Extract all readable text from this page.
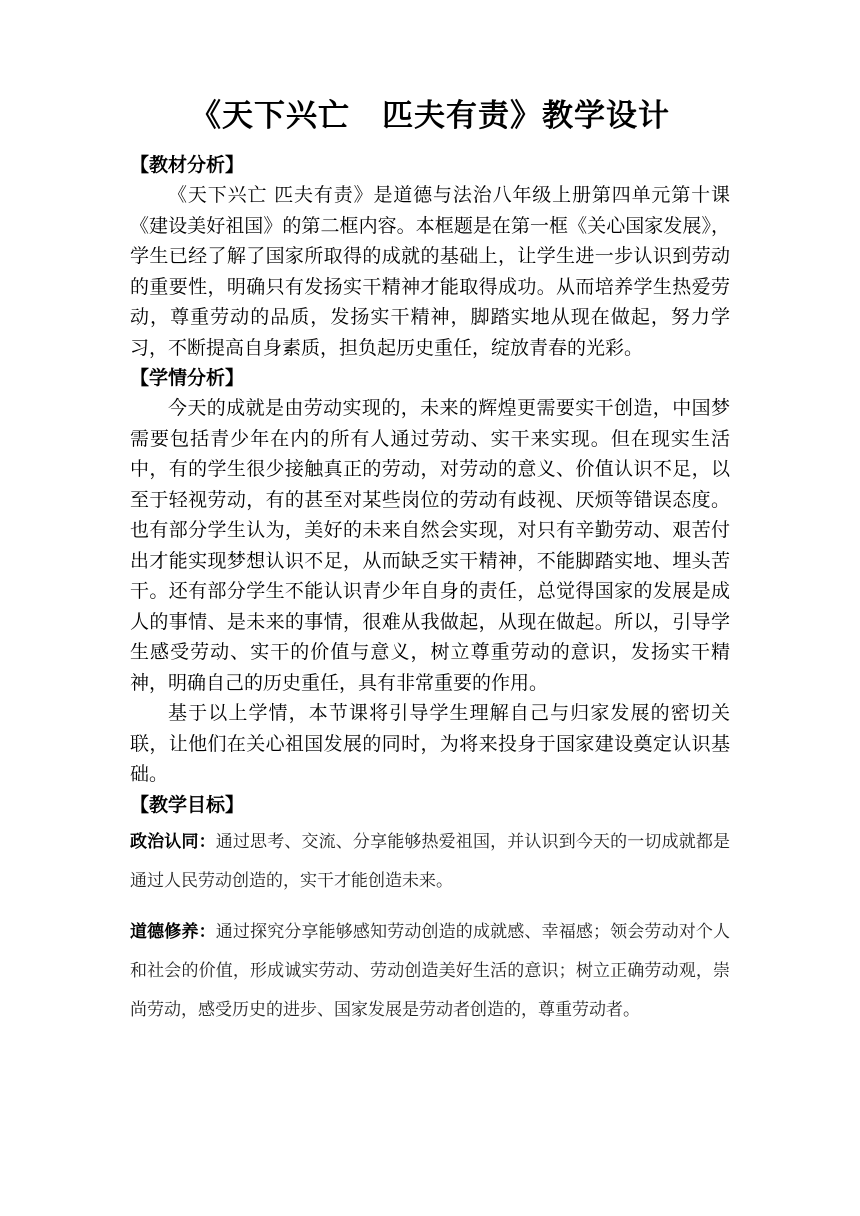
《天下兴亡　匹夫有责》教学设计
【教材分析】

《天下兴亡 匹夫有责》是道德与法治八年级上册第四单元第十课《建设美好祖国》的第二框内容。本框题是在第一框《关心国家发展》，学生已经了解了国家所取得的成就的基础上，让学生进一步认识到劳动的重要性，明确只有发扬实干精神才能取得成功。从而培养学生热爱劳动，尊重劳动的品质，发扬实干精神，脚踏实地从现在做起，努力学习，不断提高自身素质，担负起历史重任，绽放青春的光彩。

【学情分析】

今天的成就是由劳动实现的，未来的辉煌更需要实干创造，中国梦需要包括青少年在内的所有人通过劳动、实干来实现。但在现实生活中，有的学生很少接触真正的劳动，对劳动的意义、价值认识不足，以至于轻视劳动，有的甚至对某些岗位的劳动有歧视、厌烦等错误态度。也有部分学生认为，美好的未来自然会实现，对只有辛勤劳动、艰苦付出才能实现梦想认识不足，从而缺乏实干精神，不能脚踏实地、埋头苦干。还有部分学生不能认识青少年自身的责任，总觉得国家的发展是成人的事情、是未来的事情，很难从我做起，从现在做起。所以，引导学生感受劳动、实干的价值与意义，树立尊重劳动的意识，发扬实干精神，明确自己的历史重任，具有非常重要的作用。

基于以上学情，本节课将引导学生理解自己与归家发展的密切关联，让他们在关心祖国发展的同时，为将来投身于国家建设奠定认识基础。

【教学目标】

政治认同：通过思考、交流、分享能够热爱祖国，并认识到今天的一切成就都是通过人民劳动创造的，实干才能创造未来。

道德修养：通过探究分享能够感知劳动创造的成就感、幸福感；领会劳动对个人和社会的价值，形成诚实劳动、劳动创造美好生活的意识；树立正确劳动观，崇尚劳动，感受历史的进步、国家发展是劳动者创造的，尊重劳动者。
